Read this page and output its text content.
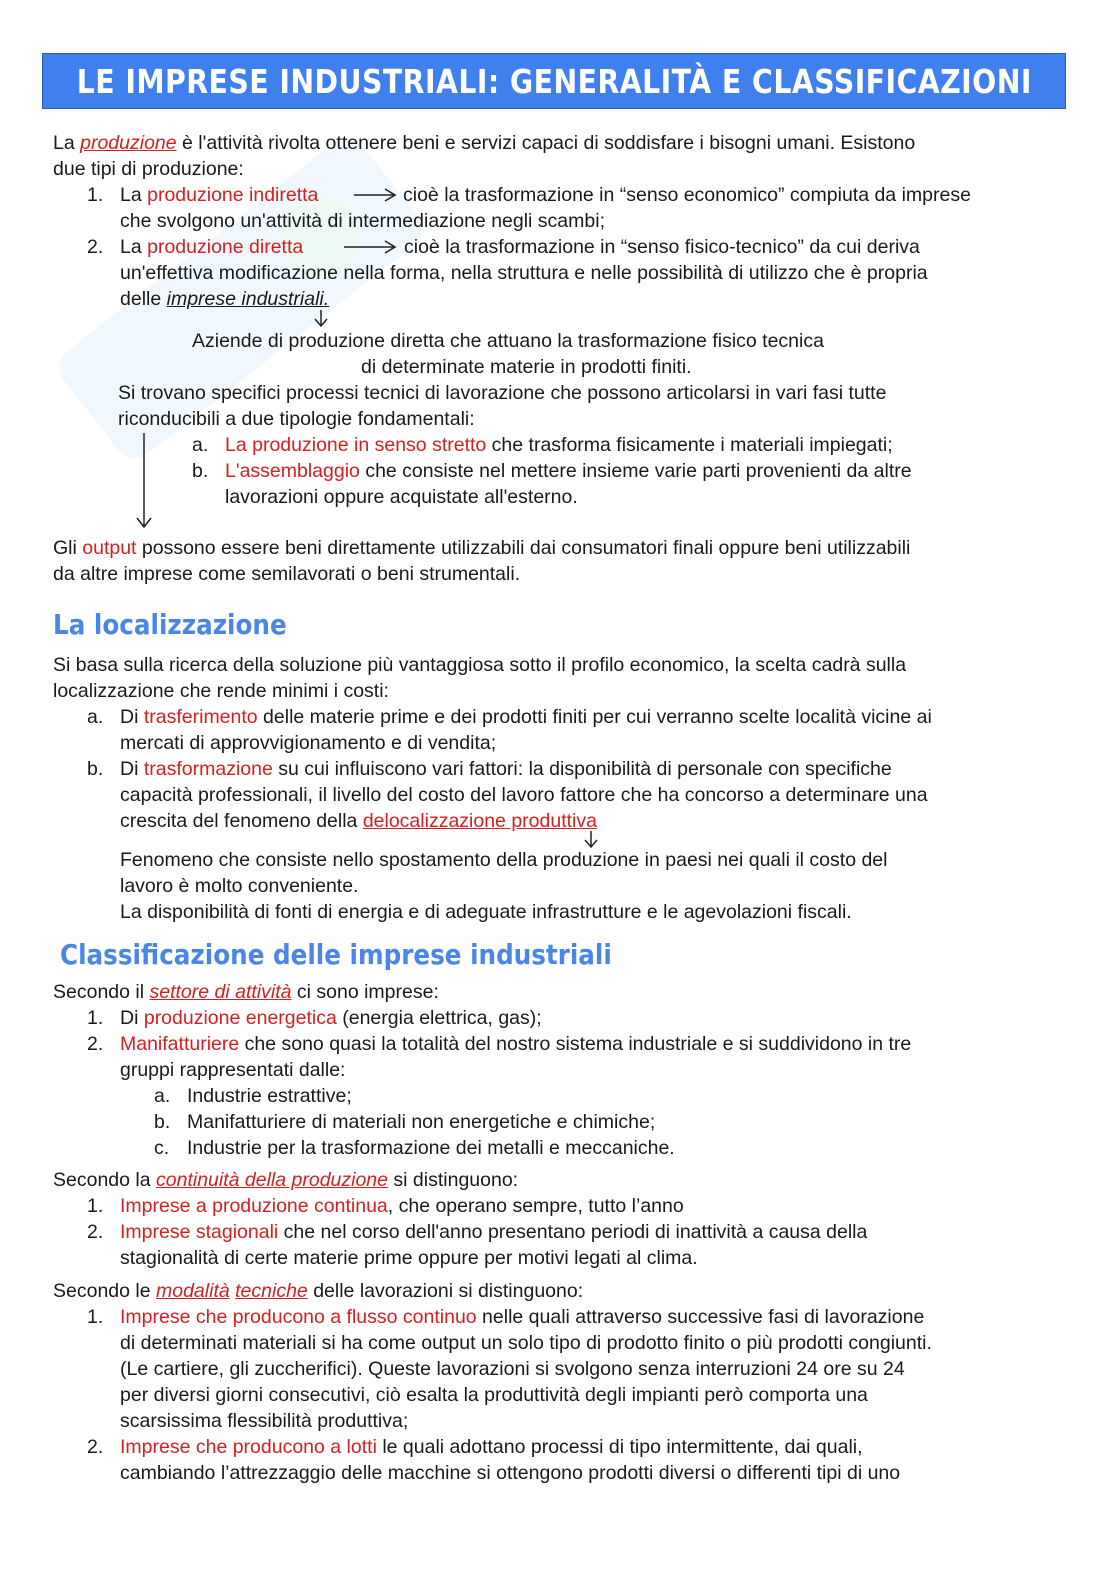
LE IMPRESE INDUSTRIALI: GENERALITÀ E CLASSIFICAZIONI
La produzione è l'attività rivolta ottenere beni e servizi capaci di soddisfare i bisogni umani. Esistono
due tipi di produzione:
1. La produzione indiretta	cioè la trasformazione in “senso economico” compiuta da imprese
che svolgono un'attività di intermediazione negli scambi;
2. La produzione diretta	cioè la trasformazione in “senso fisico-tecnico” da cui deriva
un'effettiva modificazione nella forma, nella struttura e nelle possibilità di utilizzo che è propria
delle imprese industriali.
Aziende di produzione diretta che attuano la trasformazione fisico tecnica
di determinate materie in prodotti finiti.
Si trovano specifici processi tecnici di lavorazione che possono articolarsi in vari fasi tutte
riconducibili a due tipologie fondamentali:
a. La produzione in senso stretto che trasforma fisicamente i materiali impiegati;
b. L'assemblaggio che consiste nel mettere insieme varie parti provenienti da altre
lavorazioni oppure acquistate all'esterno.
Gli output possono essere beni direttamente utilizzabili dai consumatori finali oppure beni utilizzabili
da altre imprese come semilavorati o beni strumentali.
La localizzazione
Si basa sulla ricerca della soluzione più vantaggiosa sotto il profilo economico, la scelta cadrà sulla
localizzazione che rende minimi i costi:
a. Di trasferimento delle materie prime e dei prodotti finiti per cui verranno scelte località vicine ai
mercati di approvvigionamento e di vendita;
b. Di trasformazione su cui influiscono vari fattori: la disponibilità di personale con specifiche
capacità professionali, il livello del costo del lavoro fattore che ha concorso a determinare una
crescita del fenomeno della delocalizzazione produttiva
Fenomeno che consiste nello spostamento della produzione in paesi nei quali il costo del
lavoro è molto conveniente.
La disponibilità di fonti di energia e di adeguate infrastrutture e le agevolazioni fiscali.
Classificazione delle imprese industriali
Secondo il settore di attività ci sono imprese:
1. Di produzione energetica (energia elettrica, gas);
2. Manifatturiere che sono quasi la totalità del nostro sistema industriale e si suddividono in tre
gruppi rappresentati dalle:
a. Industrie estrattive;
b. Manifatturiere di materiali non energetiche e chimiche;
c. Industrie per la trasformazione dei metalli e meccaniche.
Secondo la continuità della produzione si distinguono:
1. Imprese a produzione continua, che operano sempre, tutto l’anno
2. Imprese stagionali che nel corso dell'anno presentano periodi di inattività a causa della
stagionalità di certe materie prime oppure per motivi legati al clima.
Secondo le modalità tecniche delle lavorazioni si distinguono:
1. Imprese che producono a flusso continuo nelle quali attraverso successive fasi di lavorazione
di determinati materiali si ha come output un solo tipo di prodotto finito o più prodotti congiunti.
(Le cartiere, gli zuccherifici). Queste lavorazioni si svolgono senza interruzioni 24 ore su 24
per diversi giorni consecutivi, ciò esalta la produttività degli impianti però comporta una
scarsissima flessibilità produttiva;
2. Imprese che producono a lotti le quali adottano processi di tipo intermittente, dai quali,
cambiando l’attrezzaggio delle macchine si ottengono prodotti diversi o differenti tipi di uno
